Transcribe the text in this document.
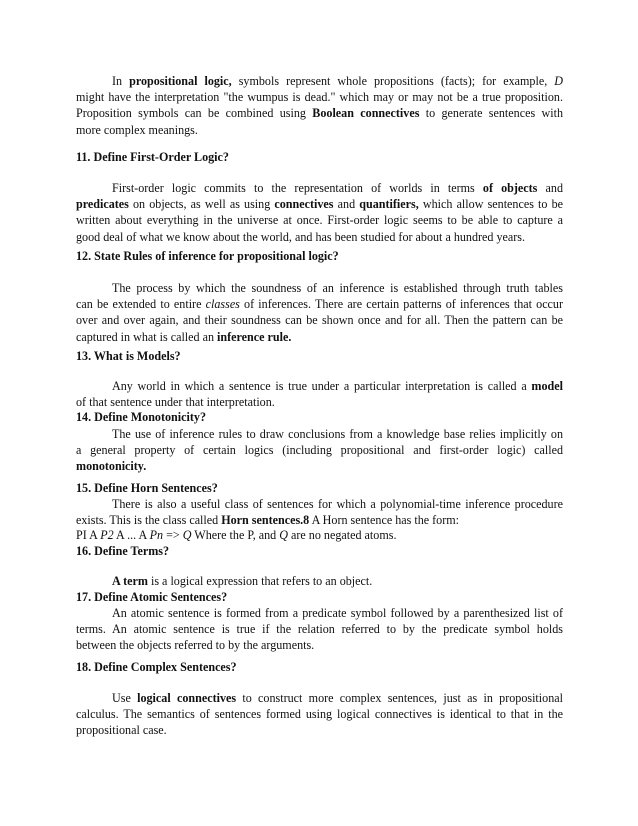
In propositional logic, symbols represent whole propositions (facts); for example, D
might have the interpretation "the wumpus is dead." which may or may not be a true proposition.
Proposition symbols can be combined using Boolean connectives to generate sentences with
more complex meanings.
11. Define First-Order Logic?
First-order logic commits to the representation of worlds in terms of objects and
predicates on objects, as well as using connectives and quantifiers, which allow sentences to be
written about everything in the universe at once. First-order logic seems to be able to capture a
good deal of what we know about the world, and has been studied for about a hundred years.
12. State Rules of inference for propositional logic?
The process by which the soundness of an inference is established through truth tables
can be extended to entire classes of inferences. There are certain patterns of inferences that occur
over and over again, and their soundness can be shown once and for all. Then the pattern can be
captured in what is called an inference rule.
13. What is Models?
Any world in which a sentence is true under a particular interpretation is called a model
of that sentence under that interpretation.
14. Define Monotonicity?
The use of inference rules to draw conclusions from a knowledge base relies implicitly on
a general property of certain logics (including propositional and first-order logic) called
monotonicity.
15. Define Horn Sentences?
There is also a useful class of sentences for which a polynomial-time inference procedure
exists. This is the class called Horn sentences.8 A Horn sentence has the form:
PI A P2 A ... A Pn => Q Where the P, and Q are no negated atoms.
16. Define Terms?
A term is a logical expression that refers to an object.
17. Define Atomic Sentences?
An atomic sentence is formed from a predicate symbol followed by a parenthesized list of
terms. An atomic sentence is true if the relation referred to by the predicate symbol holds
between the objects referred to by the arguments.
18. Define Complex Sentences?
Use logical connectives to construct more complex sentences, just as in propositional
calculus. The semantics of sentences formed using logical connectives is identical to that in the
propositional case.
